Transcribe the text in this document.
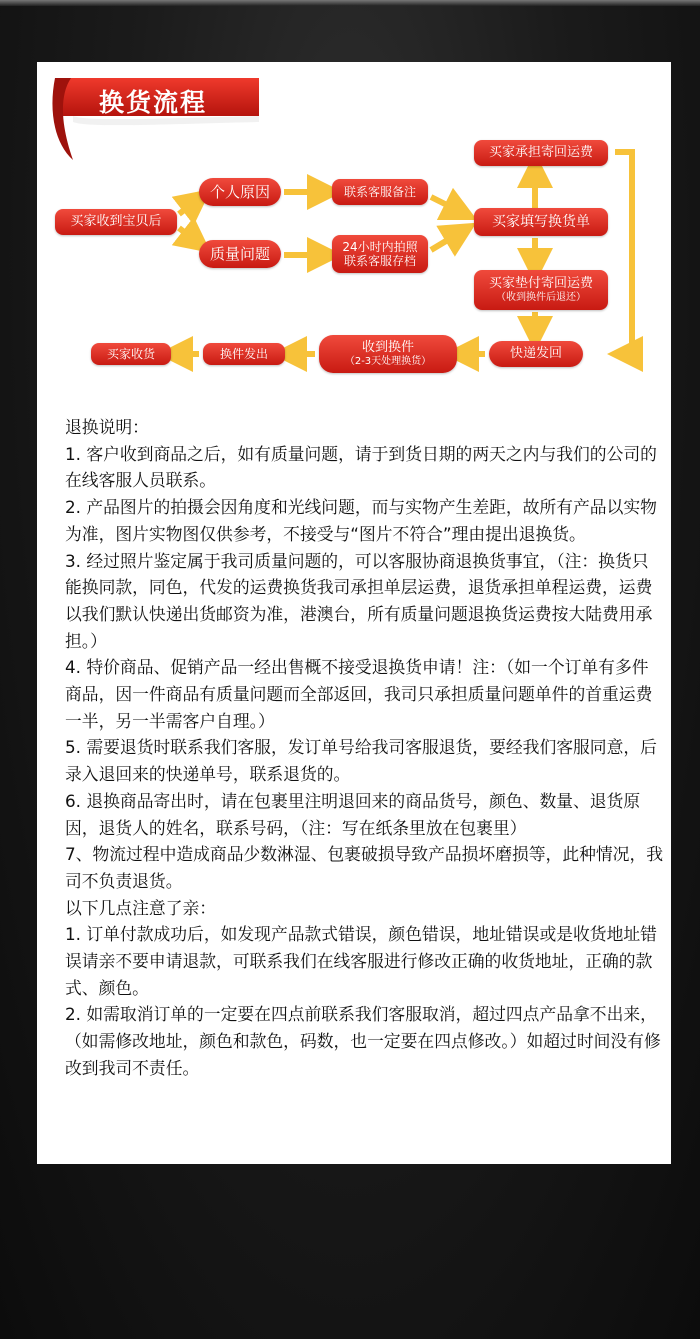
换货流程
买家收到宝贝后
个人原因
质量问题
联系客服备注
24小时内拍照
联系客服存档
买家承担寄回运费
买家填写换货单
买家垫付寄回运费
（收到换件后退还）
快递发回
收到换件
（2-3天处理换货）
换件发出
买家收货

退换说明：

1. 客户收到商品之后，如有质量问题，请于到货日期的两天之内与我们的公司的在线客服人员联系。

2. 产品图片的拍摄会因角度和光线问题，而与实物产生差距，故所有产品以实物为准，图片实物图仅供参考，不接受与“图片不符合”理由提出退换货。

3. 经过照片鉴定属于我司质量问题的，可以客服协商退换货事宜，（注：换货只能换同款，同色，代发的运费换货我司承担单层运费，退货承担单程运费，运费以我们默认快递出货邮资为准，港澳台，所有质量问题退换货运费按大陆费用承担。）

4. 特价商品、促销产品一经出售概不接受退换货申请！注：（如一个订单有多件商品，因一件商品有质量问题而全部返回，我司只承担质量问题单件的首重运费一半，另一半需客户自理。）

5. 需要退货时联系我们客服，发订单号给我司客服退货，要经我们客服同意，后录入退回来的快递单号，联系退货的。

6. 退换商品寄出时，请在包裹里注明退回来的商品货号，颜色、数量、退货原因，退货人的姓名，联系号码，（注：写在纸条里放在包裹里）

7、物流过程中造成商品少数淋湿、包裹破损导致产品损坏磨损等，此种情况，我司不负责退货。

以下几点注意了亲：

1. 订单付款成功后，如发现产品款式错误，颜色错误，地址错误或是收货地址错误请亲不要申请退款，可联系我们在线客服进行修改正确的收货地址，正确的款式、颜色。

2. 如需取消订单的一定要在四点前联系我们客服取消，超过四点产品拿不出来，（如需修改地址，颜色和款色，码数，也一定要在四点修改。）如超过时间没有修改到我司不责任。
